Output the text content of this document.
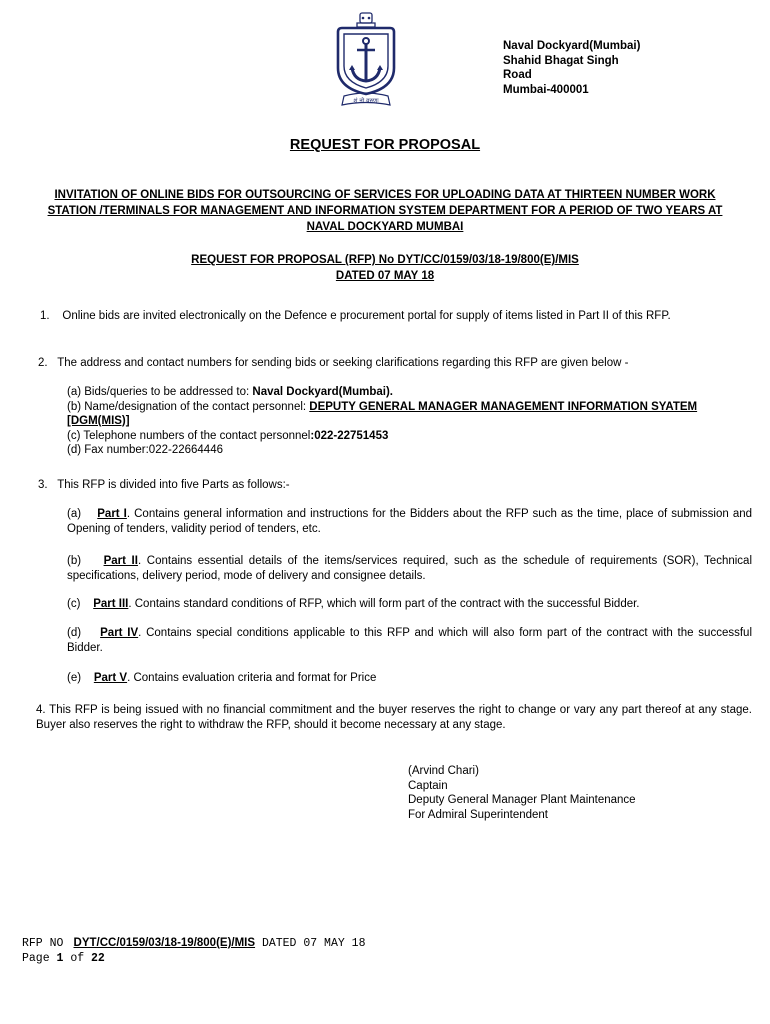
शं नो वरुणः
Naval Dockyard(Mumbai)
Shahid Bhagat Singh
Road
Mumbai-400001
REQUEST FOR PROPOSAL
INVITATION OF ONLINE BIDS FOR OUTSOURCING OF SERVICES FOR UPLOADING DATA AT THIRTEEN NUMBER WORK STATION /TERMINALS FOR MANAGEMENT AND INFORMATION SYSTEM DEPARTMENT FOR A PERIOD OF TWO YEARS AT NAVAL DOCKYARD MUMBAI
REQUEST FOR PROPOSAL (RFP) No DYT/CC/0159/03/18-19/800(E)/MIS
DATED 07 MAY 18
1. Online bids are invited electronically on the Defence e procurement portal for supply of items listed in Part II of this RFP.
2. The address and contact numbers for sending bids or seeking clarifications regarding this RFP are given below -
(a) Bids/queries to be addressed to: Naval Dockyard(Mumbai).
(b) Name/designation of the contact personnel: DEPUTY GENERAL MANAGER MANAGEMENT INFORMATION SYATEM [DGM(MIS)]
(c) Telephone numbers of the contact personnel:022-22751453
(d) Fax number:022-22664446
3. This RFP is divided into five Parts as follows:-
(a) Part I. Contains general information and instructions for the Bidders about the RFP such as the time, place of submission and Opening of tenders, validity period of tenders, etc.
(b) Part II. Contains essential details of the items/services required, such as the schedule of requirements (SOR), Technical specifications, delivery period, mode of delivery and consignee details.
(c) Part III. Contains standard conditions of RFP, which will form part of the contract with the successful Bidder.
(d) Part IV. Contains special conditions applicable to this RFP and which will also form part of the contract with the successful Bidder.
(e) Part V. Contains evaluation criteria and format for Price
4. This RFP is being issued with no financial commitment and the buyer reserves the right to change or vary any part thereof at any stage. Buyer also reserves the right to withdraw the RFP, should it become necessary at any stage.
(Arvind Chari)
Captain
Deputy General Manager Plant Maintenance
For Admiral Superintendent
RFP NO  DYT/CC/0159/03/18-19/800(E)/MIS DATED 07 MAY 18
Page 1 of 22
